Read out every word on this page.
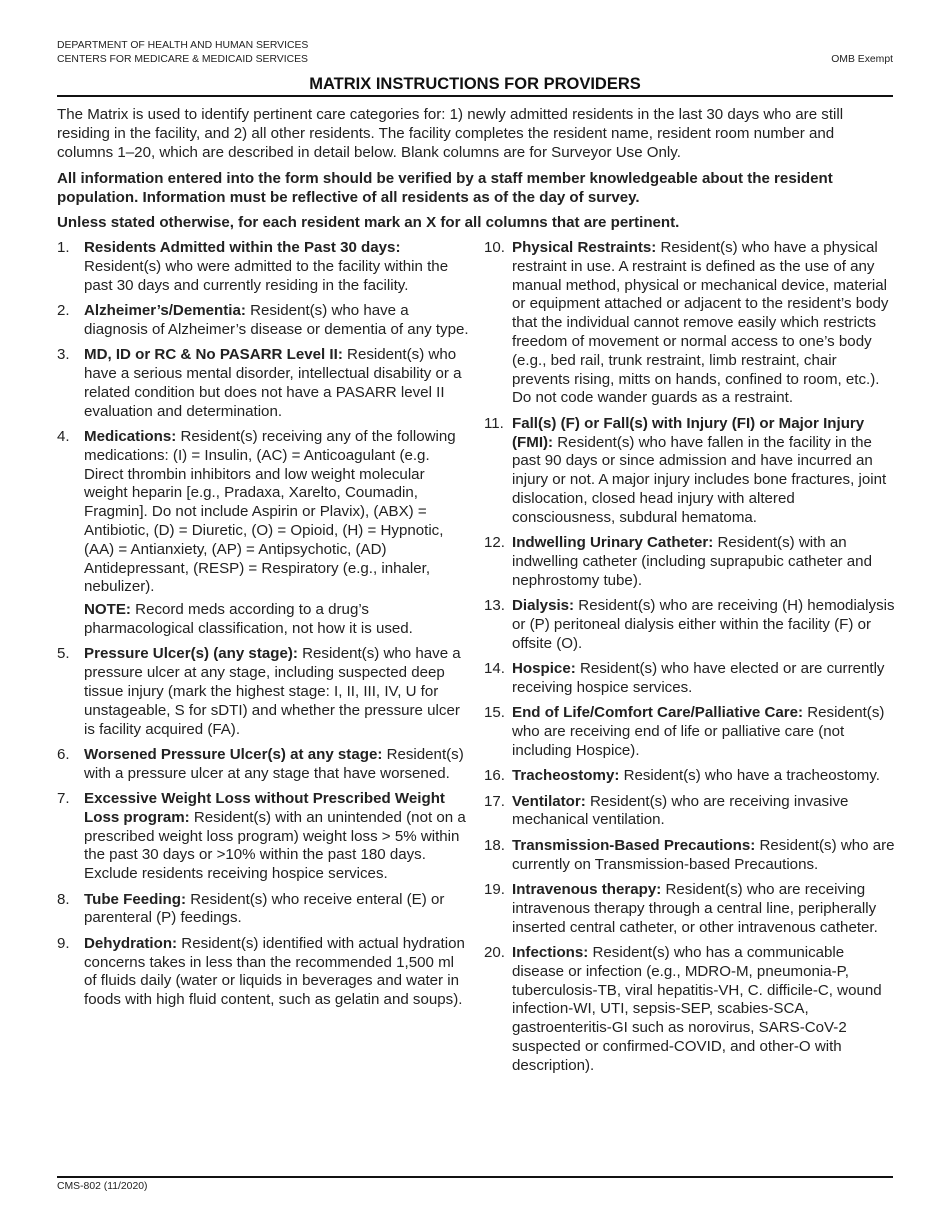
DEPARTMENT OF HEALTH AND HUMAN SERVICES
CENTERS FOR MEDICARE & MEDICAID SERVICES	OMB Exempt
MATRIX INSTRUCTIONS FOR PROVIDERS
The Matrix is used to identify pertinent care categories for: 1) newly admitted residents in the last 30 days who are still residing in the facility, and 2) all other residents. The facility completes the resident name, resident room number and columns 1–20, which are described in detail below. Blank columns are for Surveyor Use Only.
All information entered into the form should be verified by a staff member knowledgeable about the resident population. Information must be reflective of all residents as of the day of survey.
Unless stated otherwise, for each resident mark an X for all columns that are pertinent.
1. Residents Admitted within the Past 30 days: Resident(s) who were admitted to the facility within the past 30 days and currently residing in the facility.
2. Alzheimer’s/Dementia: Resident(s) who have a diagnosis of Alzheimer’s disease or dementia of any type.
3. MD, ID or RC & No PASARR Level II: Resident(s) who have a serious mental disorder, intellectual disability or a related condition but does not have a PASARR level II evaluation and determination.
4. Medications: Resident(s) receiving any of the following medications: (I) = Insulin, (AC) = Anticoagulant (e.g. Direct thrombin inhibitors and low weight molecular weight heparin [e.g., Pradaxa, Xarelto, Coumadin, Fragmin]. Do not include Aspirin or Plavix), (ABX) = Antibiotic, (D) = Diuretic, (O) = Opioid, (H) = Hypnotic, (AA) = Antianxiety, (AP) = Antipsychotic, (AD) Antidepressant, (RESP) = Respiratory (e.g., inhaler, nebulizer).
NOTE: Record meds according to a drug’s pharmacological classification, not how it is used.
5. Pressure Ulcer(s) (any stage): Resident(s) who have a pressure ulcer at any stage, including suspected deep tissue injury (mark the highest stage: I, II, III, IV, U for unstageable, S for sDTI) and whether the pressure ulcer is facility acquired (FA).
6. Worsened Pressure Ulcer(s) at any stage: Resident(s) with a pressure ulcer at any stage that have worsened.
7. Excessive Weight Loss without Prescribed Weight Loss program: Resident(s) with an unintended (not on a prescribed weight loss program) weight loss > 5% within the past 30 days or >10% within the past 180 days. Exclude residents receiving hospice services.
8. Tube Feeding: Resident(s) who receive enteral (E) or parenteral (P) feedings.
9. Dehydration: Resident(s) identified with actual hydration concerns takes in less than the recommended 1,500 ml of fluids daily (water or liquids in beverages and water in foods with high fluid content, such as gelatin and soups).
10. Physical Restraints: Resident(s) who have a physical restraint in use. A restraint is defined as the use of any manual method, physical or mechanical device, material or equipment attached or adjacent to the resident’s body that the individual cannot remove easily which restricts freedom of movement or normal access to one’s body (e.g., bed rail, trunk restraint, limb restraint, chair prevents rising, mitts on hands, confined to room, etc.). Do not code wander guards as a restraint.
11. Fall(s) (F) or Fall(s) with Injury (FI) or Major Injury (FMI): Resident(s) who have fallen in the facility in the past 90 days or since admission and have incurred an injury or not. A major injury includes bone fractures, joint dislocation, closed head injury with altered consciousness, subdural hematoma.
12. Indwelling Urinary Catheter: Resident(s) with an indwelling catheter (including suprapubic catheter and nephrostomy tube).
13. Dialysis: Resident(s) who are receiving (H) hemodialysis or (P) peritoneal dialysis either within the facility (F) or offsite (O).
14. Hospice: Resident(s) who have elected or are currently receiving hospice services.
15. End of Life/Comfort Care/Palliative Care: Resident(s) who are receiving end of life or palliative care (not including Hospice).
16. Tracheostomy: Resident(s) who have a tracheostomy.
17. Ventilator: Resident(s) who are receiving invasive mechanical ventilation.
18. Transmission-Based Precautions: Resident(s) who are currently on Transmission-based Precautions.
19. Intravenous therapy: Resident(s) who are receiving intravenous therapy through a central line, peripherally inserted central catheter, or other intravenous catheter.
20. Infections: Resident(s) who has a communicable disease or infection (e.g., MDRO-M, pneumonia-P, tuberculosis-TB, viral hepatitis-VH, C. difficile-C, wound infection-WI, UTI, sepsis-SEP, scabies-SCA, gastroenteritis-GI such as norovirus, SARS-CoV-2 suspected or confirmed-COVID, and other-O with description).
CMS-802 (11/2020)
